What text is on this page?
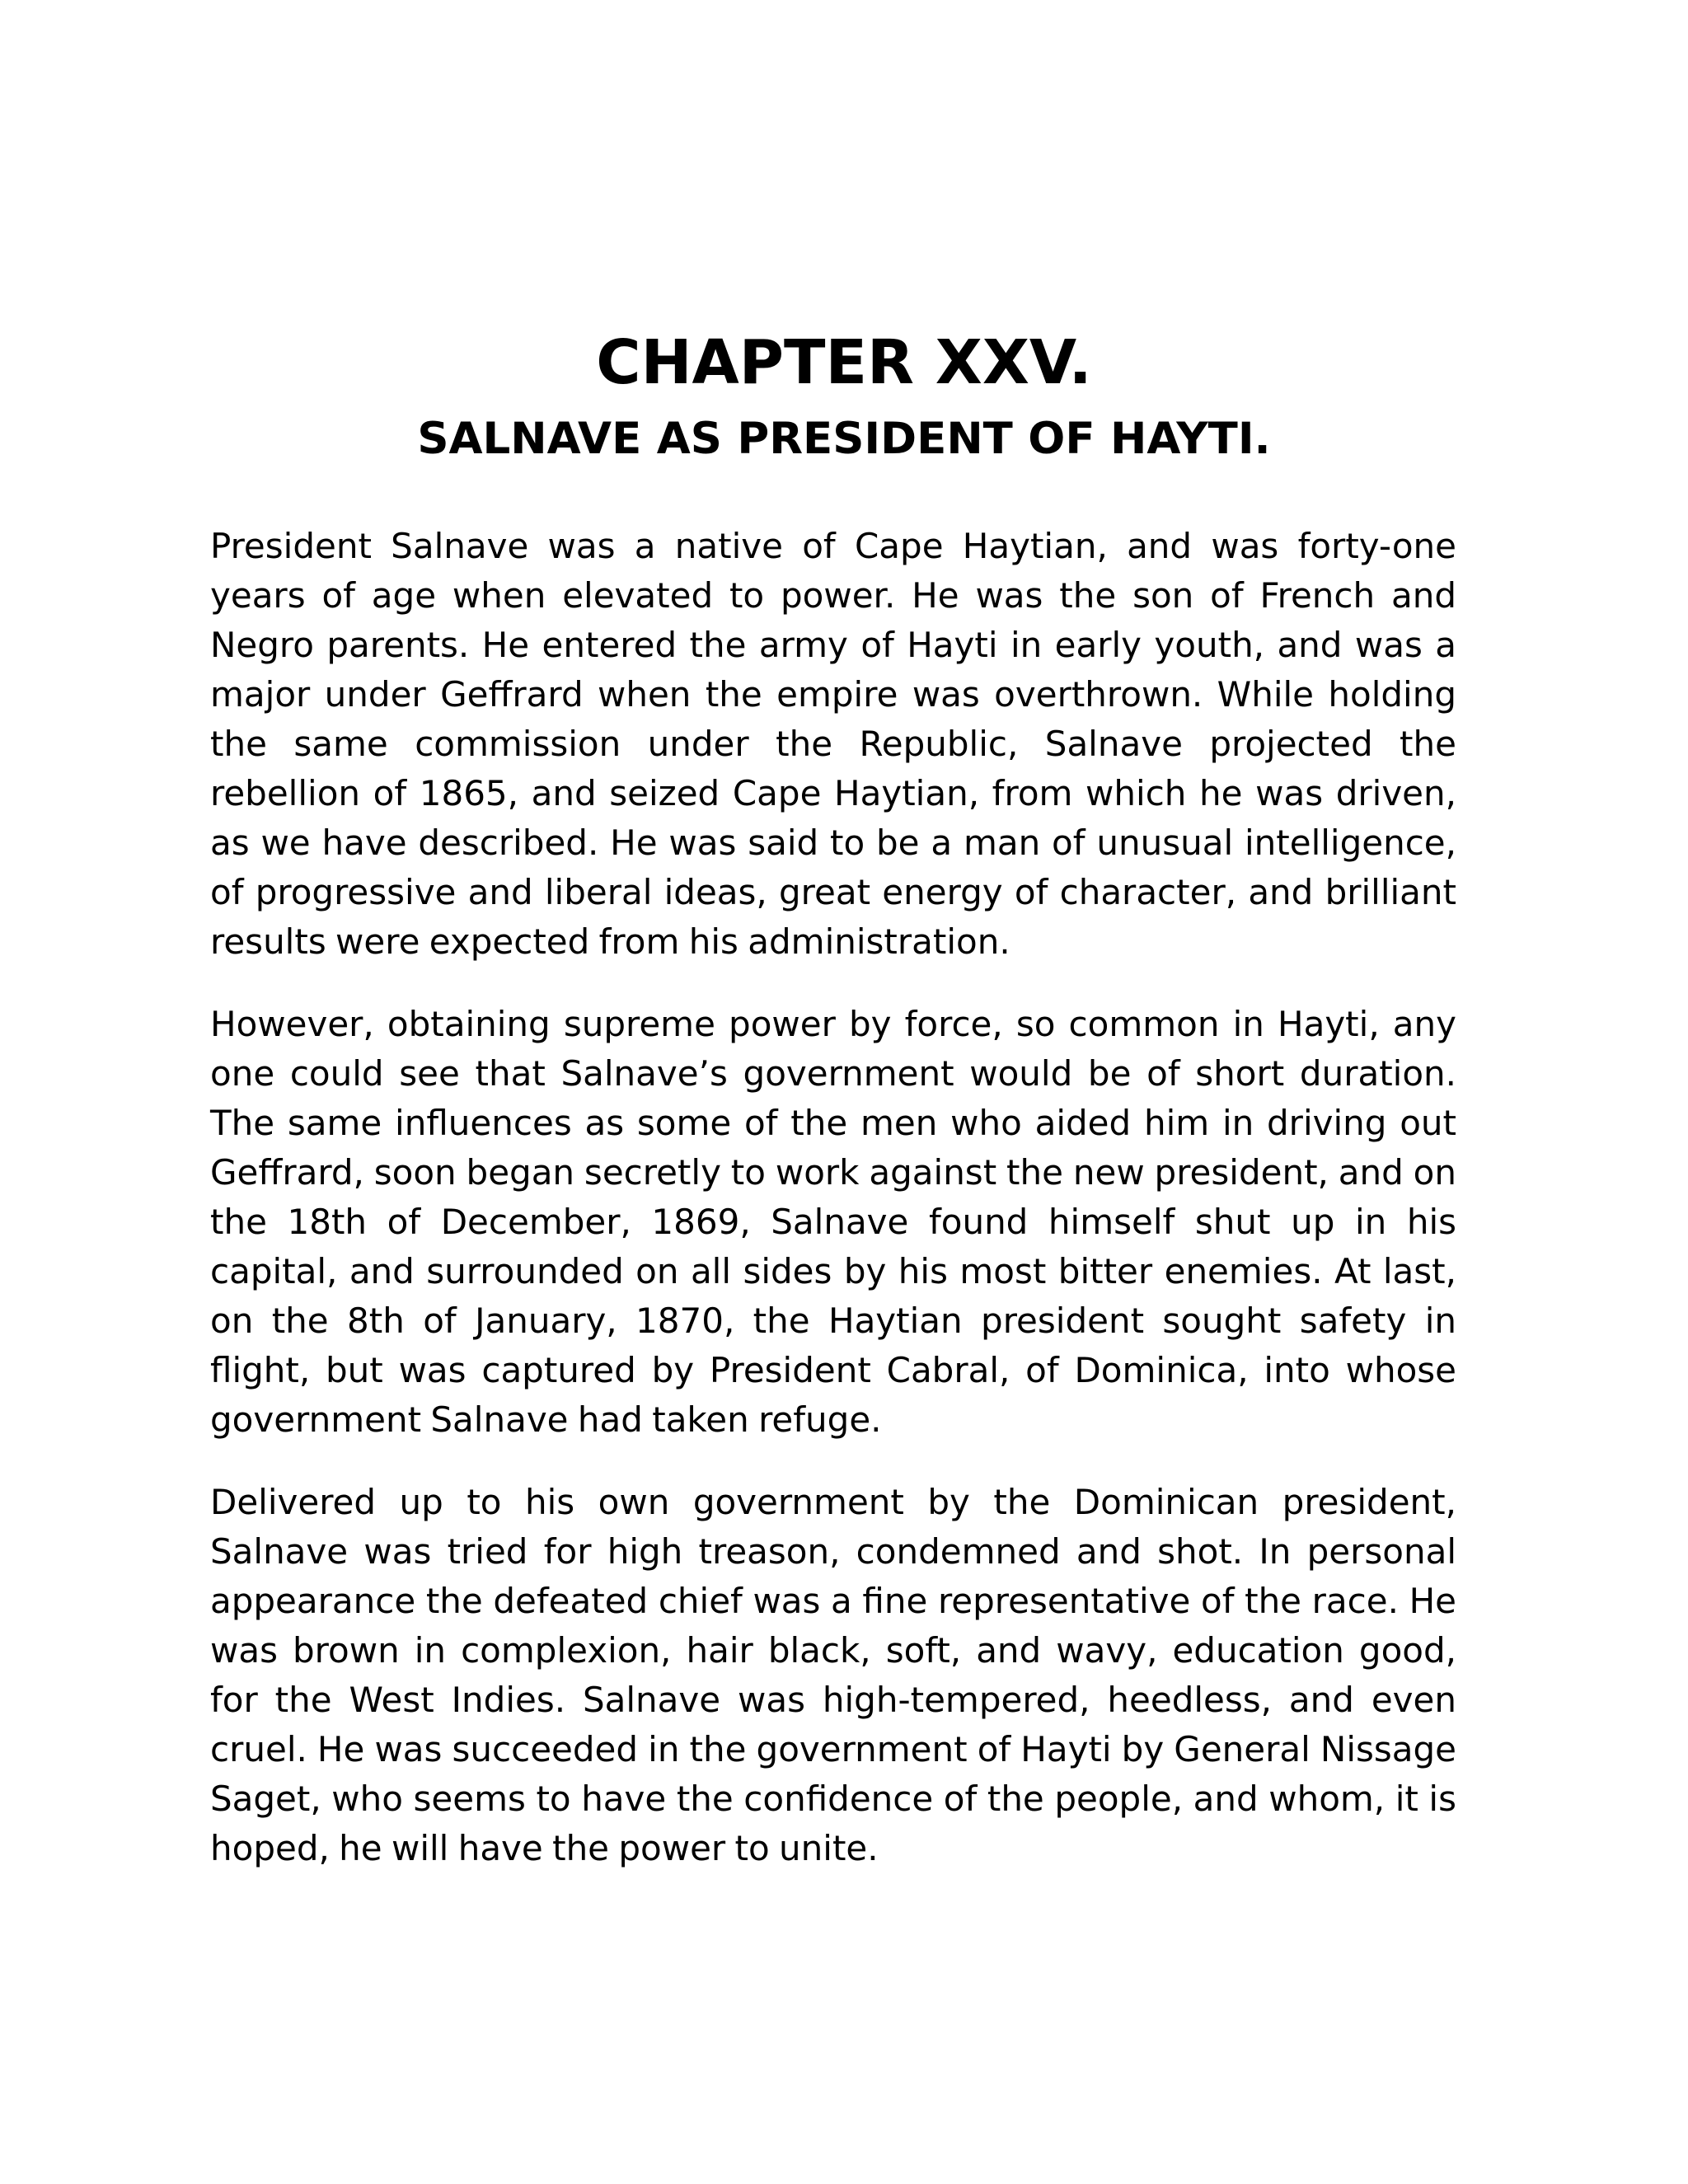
CHAPTER XXV.
SALNAVE AS PRESIDENT OF HAYTI.

President Salnave was a native of Cape Haytian, and was forty-one years of age when elevated to power. He was the son of French and Negro parents. He entered the army of Hayti in early youth, and was a major under Geffrard when the empire was overthrown. While holding the same commission under the Republic, Salnave projected the rebellion of 1865, and seized Cape Haytian, from which he was driven, as we have described. He was said to be a man of unusual intelligence, of progressive and liberal ideas, great energy of character, and brilliant results were expected from his administration.

However, obtaining supreme power by force, so common in Hayti, any one could see that Salnave’s government would be of short duration. The same influences as some of the men who aided him in driving out Geffrard, soon began secretly to work against the new president, and on the 18th of December, 1869, Salnave found himself shut up in his capital, and surrounded on all sides by his most bitter enemies. At last, on the 8th of January, 1870, the Haytian president sought safety in flight, but was captured by President Cabral, of Dominica, into whose government Salnave had taken refuge.

Delivered up to his own government by the Dominican president, Salnave was tried for high treason, condemned and shot. In personal appearance the defeated chief was a fine representative of the race. He was brown in complexion, hair black, soft, and wavy, education good, for the West Indies. Salnave was high-tempered, heedless, and even cruel. He was succeeded in the government of Hayti by General Nissage Saget, who seems to have the confidence of the people, and whom, it is hoped, he will have the power to unite.
